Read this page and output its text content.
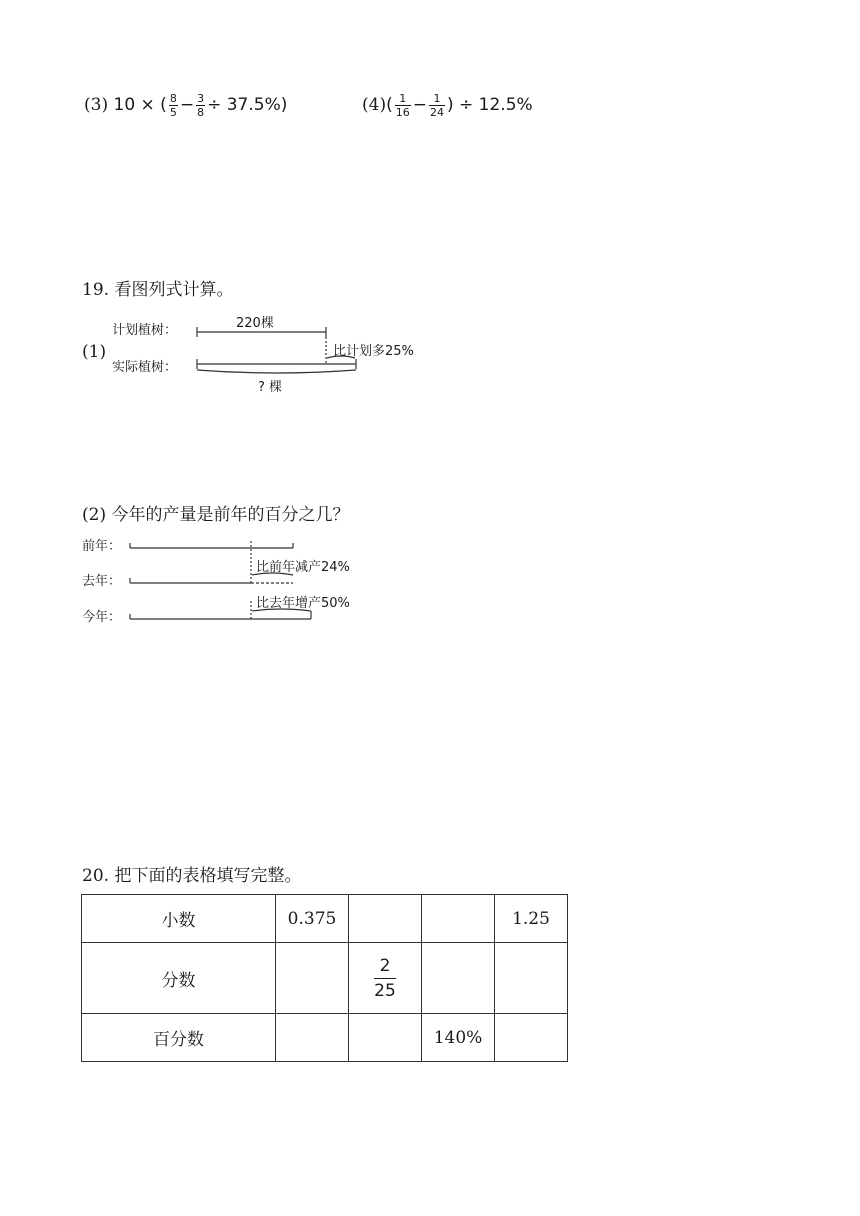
(3) 10 × ( $\frac{8}{5} - \frac{3}{8} \div 37.5\%$)	$(4)( \frac{1}{16} - \frac{1}{24}$ ) ÷ 12.5%
19. 看图列式计算。
(1)
计划植树：
实际植树：
220棵
比计划多25%
? 棵
(2) 今年的产量是前年的百分之几？
前年：
去年：
今年：
比前年减产24%
比去年增产50%
20. 把下面的表格填写完整。
小数	0.375			1.25
分数		$\frac{2}{25}$

百分数			140%	
